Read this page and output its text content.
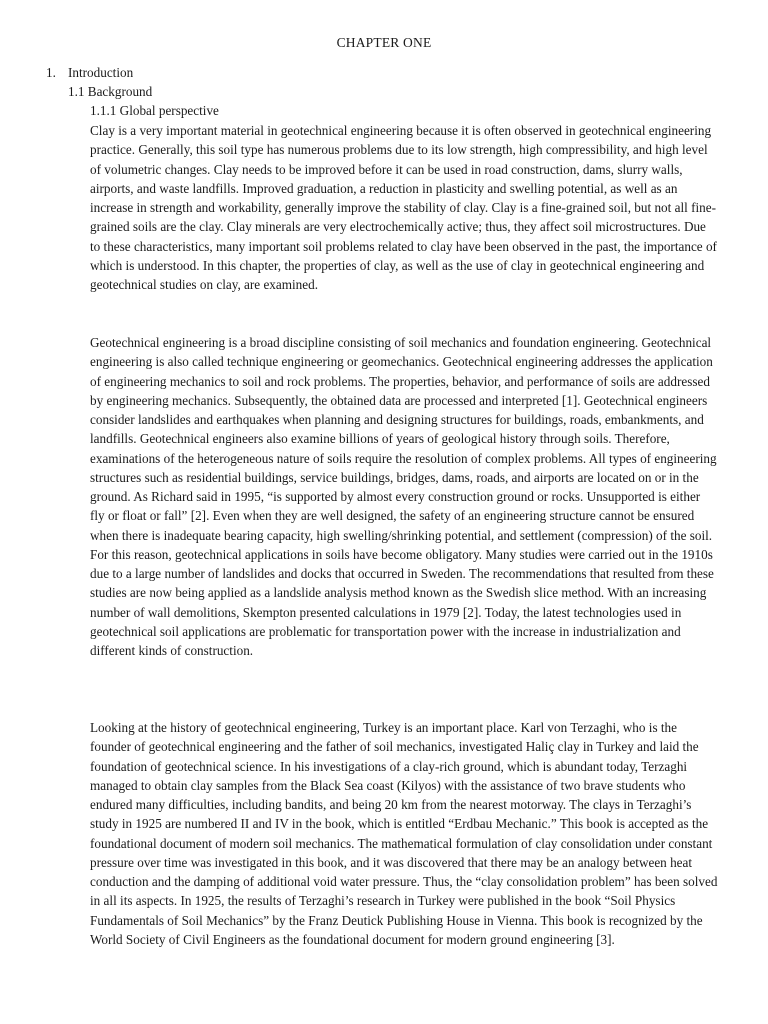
CHAPTER ONE
1. Introduction
1.1 Background
1.1.1 Global perspective

Clay is a very important material in geotechnical engineering because it is often observed in geotechnical engineering practice. Generally, this soil type has numerous problems due to its low strength, high compressibility, and high level of volumetric changes. Clay needs to be improved before it can be used in road construction, dams, slurry walls, airports, and waste landfills. Improved graduation, a reduction in plasticity and swelling potential, as well as an increase in strength and workability, generally improve the stability of clay. Clay is a fine-grained soil, but not all fine-grained soils are the clay. Clay minerals are very electrochemically active; thus, they affect soil microstructures. Due to these characteristics, many important soil problems related to clay have been observed in the past, the importance of which is understood. In this chapter, the properties of clay, as well as the use of clay in geotechnical engineering and geotechnical studies on clay, are examined.

Geotechnical engineering is a broad discipline consisting of soil mechanics and foundation engineering. Geotechnical engineering is also called technique engineering or geomechanics. Geotechnical engineering addresses the application of engineering mechanics to soil and rock problems. The properties, behavior, and performance of soils are addressed by engineering mechanics. Subsequently, the obtained data are processed and interpreted [1]. Geotechnical engineers consider landslides and earthquakes when planning and designing structures for buildings, roads, embankments, and landfills. Geotechnical engineers also examine billions of years of geological history through soils. Therefore, examinations of the heterogeneous nature of soils require the resolution of complex problems. All types of engineering structures such as residential buildings, service buildings, bridges, dams, roads, and airports are located on or in the ground. As Richard said in 1995, “is supported by almost every construction ground or rocks. Unsupported is either fly or float or fall” [2]. Even when they are well designed, the safety of an engineering structure cannot be ensured when there is inadequate bearing capacity, high swelling/shrinking potential, and settlement (compression) of the soil. For this reason, geotechnical applications in soils have become obligatory. Many studies were carried out in the 1910s due to a large number of landslides and docks that occurred in Sweden. The recommendations that resulted from these studies are now being applied as a landslide analysis method known as the Swedish slice method. With an increasing number of wall demolitions, Skempton presented calculations in 1979 [2]. Today, the latest technologies used in geotechnical soil applications are problematic for transportation power with the increase in industrialization and different kinds of construction.

Looking at the history of geotechnical engineering, Turkey is an important place. Karl von Terzaghi, who is the founder of geotechnical engineering and the father of soil mechanics, investigated Haliç clay in Turkey and laid the foundation of geotechnical science. In his investigations of a clay-rich ground, which is abundant today, Terzaghi managed to obtain clay samples from the Black Sea coast (Kilyos) with the assistance of two brave students who endured many difficulties, including bandits, and being 20 km from the nearest motorway. The clays in Terzaghi’s study in 1925 are numbered II and IV in the book, which is entitled “Erdbau Mechanic.” This book is accepted as the foundational document of modern soil mechanics. The mathematical formulation of clay consolidation under constant pressure over time was investigated in this book, and it was discovered that there may be an analogy between heat conduction and the damping of additional void water pressure. Thus, the “clay consolidation problem” has been solved in all its aspects. In 1925, the results of Terzaghi’s research in Turkey were published in the book “Soil Physics Fundamentals of Soil Mechanics” by the Franz Deutick Publishing House in Vienna. This book is recognized by the World Society of Civil Engineers as the foundational document for modern ground engineering [3].
